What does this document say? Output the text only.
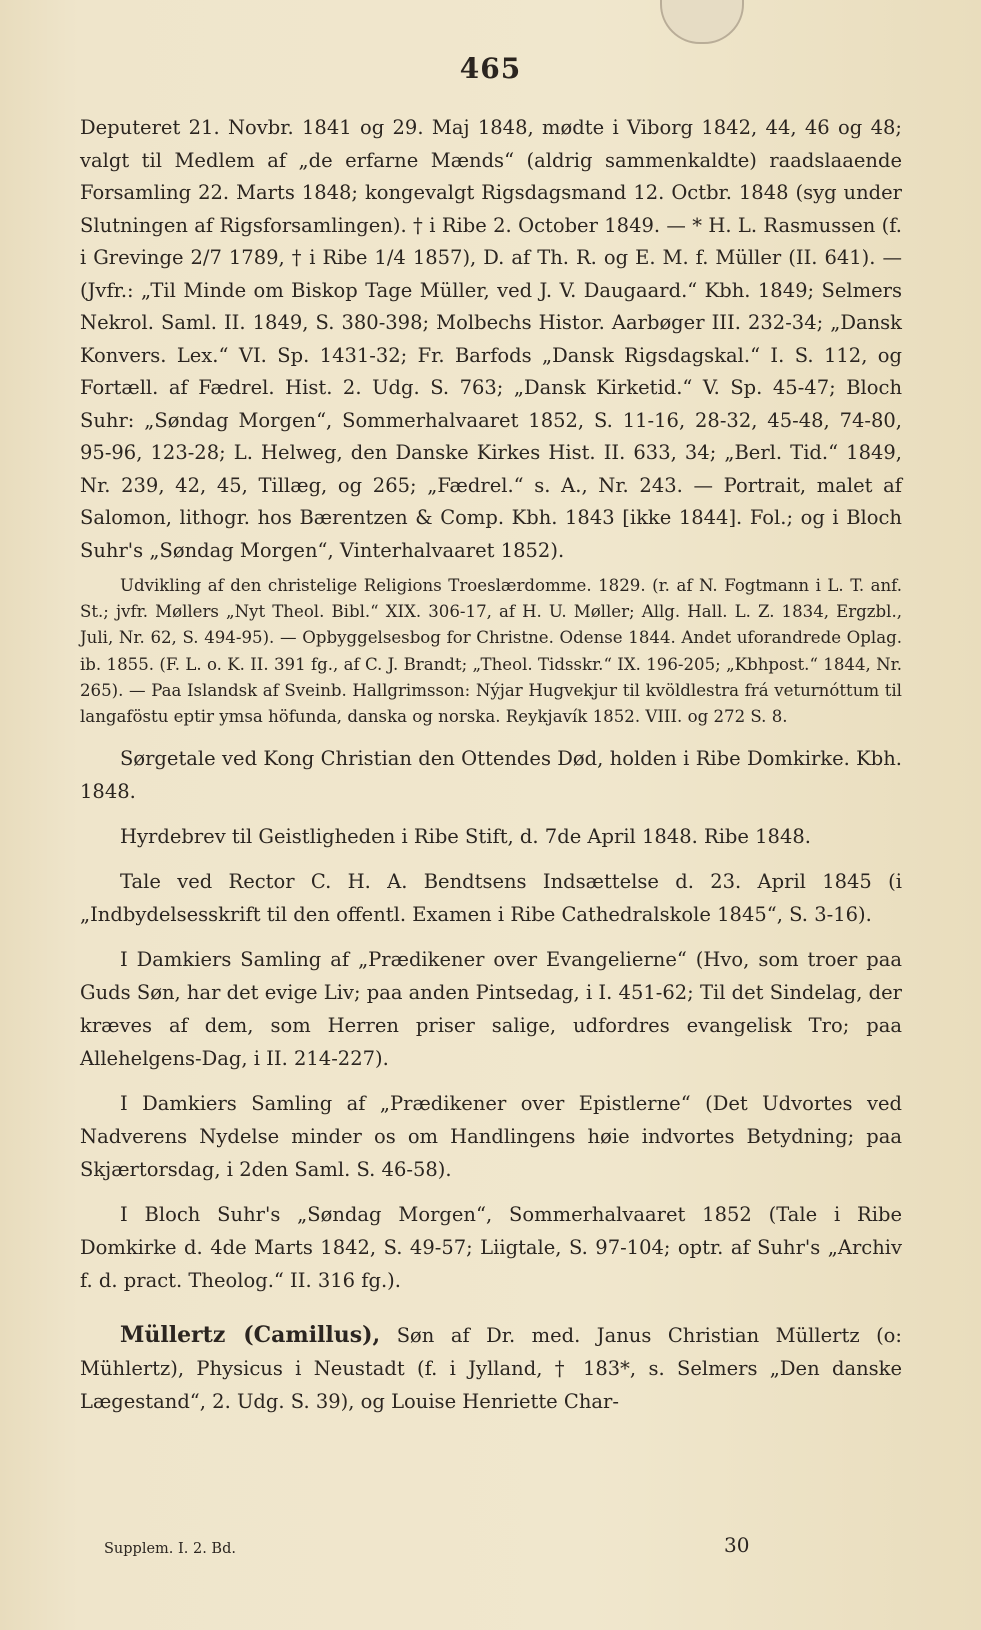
465

Deputeret 21. Novbr. 1841 og 29. Maj 1848, mødte i Viborg 1842, 44, 46 og 48; valgt til Medlem af „de erfarne Mænds“ (aldrig sammenkaldte) raadslaaende Forsamling 22. Marts 1848; kongevalgt Rigsdagsmand 12. Octbr. 1848 (syg under Slutningen af Rigsforsamlingen). † i Ribe 2. October 1849. — * H. L. Rasmussen (f. i Grevinge 2/7 1789, † i Ribe 1/4 1857), D. af Th. R. og E. M. f. Müller (II. 641). — (Jvfr.: „Til Minde om Biskop Tage Müller, ved J. V. Daugaard.“ Kbh. 1849; Selmers Nekrol. Saml. II. 1849, S. 380-398; Molbechs Histor. Aarbøger III. 232-34; „Dansk Konvers. Lex.“ VI. Sp. 1431-32; Fr. Barfods „Dansk Rigsdagskal.“ I. S. 112, og Fortæll. af Fædrel. Hist. 2. Udg. S. 763; „Dansk Kirketid.“ V. Sp. 45-47; Bloch Suhr: „Søndag Morgen“, Sommerhalvaaret 1852, S. 11-16, 28-32, 45-48, 74-80, 95-96, 123-28; L. Helweg, den Danske Kirkes Hist. II. 633, 34; „Berl. Tid.“ 1849, Nr. 239, 42, 45, Tillæg, og 265; „Fædrel.“ s. A., Nr. 243. — Portrait, malet af Salomon, lithogr. hos Bærentzen & Comp. Kbh. 1843 [ikke 1844]. Fol.; og i Bloch Suhr's „Søndag Morgen“, Vinterhalvaaret 1852).

Udvikling af den christelige Religions Troeslærdomme. 1829. (r. af N. Fogtmann i L. T. anf. St.; jvfr. Møllers „Nyt Theol. Bibl.“ XIX. 306-17, af H. U. Møller; Allg. Hall. L. Z. 1834, Ergzbl., Juli, Nr. 62, S. 494-95). — Opbyggelsesbog for Christne. Odense 1844. Andet uforandrede Oplag. ib. 1855. (F. L. o. K. II. 391 fg., af C. J. Brandt; „Theol. Tidsskr.“ IX. 196-205; „Kbhpost.“ 1844, Nr. 265). — Paa Islandsk af Sveinb. Hallgrimsson: Nýjar Hugvekjur til kvöldlestra frá veturnóttum til langaföstu eptir ymsa höfunda, danska og norska. Reykjavík 1852. VIII. og 272 S. 8.

Sørgetale ved Kong Christian den Ottendes Død, holden i Ribe Domkirke. Kbh. 1848.

Hyrdebrev til Geistligheden i Ribe Stift, d. 7de April 1848. Ribe 1848.

Tale ved Rector C. H. A. Bendtsens Indsættelse d. 23. April 1845 (i „Indbydelsesskrift til den offentl. Examen i Ribe Cathedralskole 1845“, S. 3-16).

I Damkiers Samling af „Prædikener over Evangelierne“ (Hvo, som troer paa Guds Søn, har det evige Liv; paa anden Pintsedag, i I. 451-62; Til det Sindelag, der kræves af dem, som Herren priser salige, udfordres evangelisk Tro; paa Allehelgens-Dag, i II. 214-227).

I Damkiers Samling af „Prædikener over Epistlerne“ (Det Udvortes ved Nadverens Nydelse minder os om Handlingens høie indvortes Betydning; paa Skjærtorsdag, i 2den Saml. S. 46-58).

I Bloch Suhr's „Søndag Morgen“, Sommerhalvaaret 1852 (Tale i Ribe Domkirke d. 4de Marts 1842, S. 49-57; Liigtale, S. 97-104; optr. af Suhr's „Archiv f. d. pract. Theolog.“ II. 316 fg.).

Müllertz (Camillus), Søn af Dr. med. Janus Christian Müllertz (o: Mühlertz), Physicus i Neustadt (f. i Jylland, † 183*, s. Selmers „Den danske Lægestand“, 2. Udg. S. 39), og Louise Henriette Char-

Supplem. I. 2. Bd.	30
